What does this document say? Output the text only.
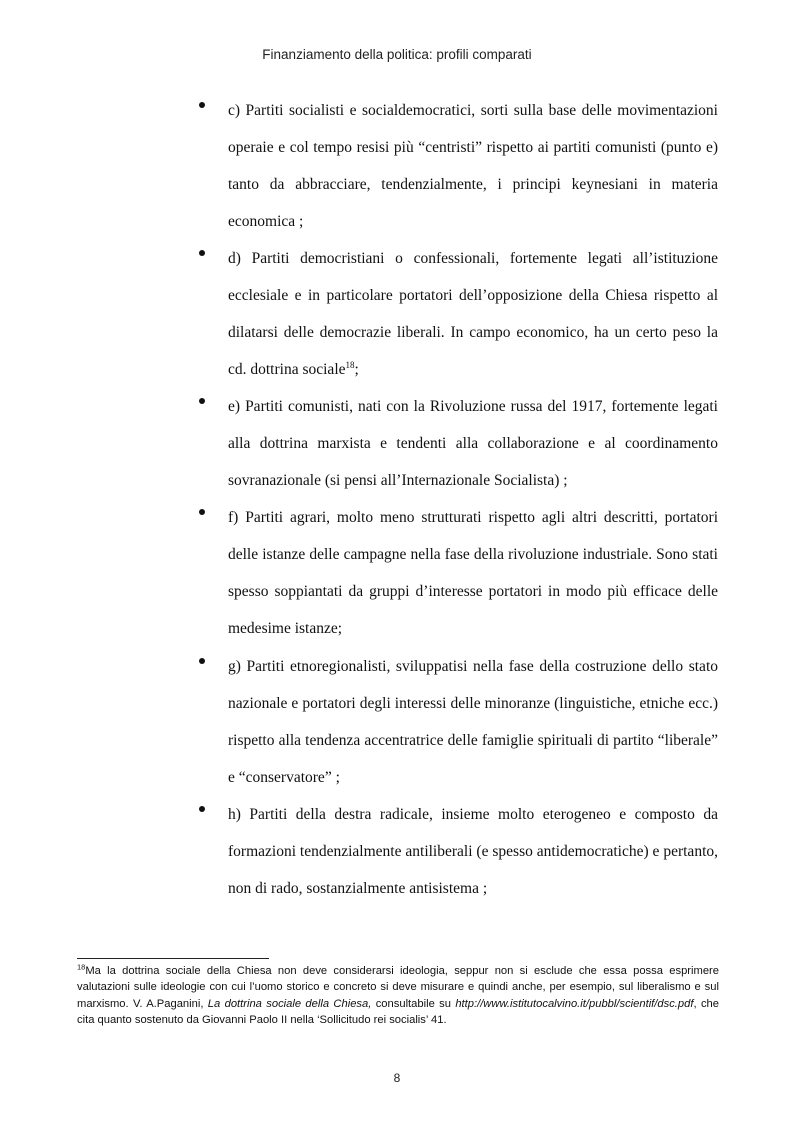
Finanziamento della politica: profili comparati

c) Partiti socialisti e socialdemocratici, sorti sulla base delle movimentazioni operaie e col tempo resisi più “centristi” rispetto ai partiti comunisti (punto e) tanto da abbracciare, tendenzialmente, i principi keynesiani in materia economica ;

d) Partiti democristiani o confessionali, fortemente legati all’istituzione ecclesiale e in particolare portatori dell’opposizione della Chiesa rispetto al dilatarsi delle democrazie liberali. In campo economico, ha un certo peso la cd. dottrina sociale$^{18}$;

e) Partiti comunisti, nati con la Rivoluzione russa del 1917, fortemente legati alla dottrina marxista e tendenti alla collaborazione e al coordinamento sovranazionale (si pensi all’Internazionale Socialista) ;

f) Partiti agrari, molto meno strutturati rispetto agli altri descritti, portatori delle istanze delle campagne nella fase della rivoluzione industriale. Sono stati spesso soppiantati da gruppi d’interesse portatori in modo più efficace delle medesime istanze;

g) Partiti etnoregionalisti, sviluppatisi nella fase della costruzione dello stato nazionale e portatori degli interessi delle minoranze (linguistiche, etniche ecc.) rispetto alla tendenza accentratrice delle famiglie spirituali di partito “liberale” e “conservatore” ;

h) Partiti della destra radicale, insieme molto eterogeneo e composto da formazioni tendenzialmente antiliberali (e spesso antidemocratiche) e pertanto, non di rado, sostanzialmente antisistema ;

$^{18}$Ma la dottrina sociale della Chiesa non deve considerarsi ideologia, seppur non si esclude che essa possa esprimere valutazioni sulle ideologie con cui l’uomo storico e concreto si deve misurare e quindi anche, per esempio, sul liberalismo e sul marxismo. V. A.Paganini, La dottrina sociale della Chiesa, consultabile su http://www.istitutocalvino.it/pubbl/scientif/dsc.pdf, che cita quanto sostenuto da Giovanni Paolo II nella ‘Sollicitudo rei socialis’ 41.

8
